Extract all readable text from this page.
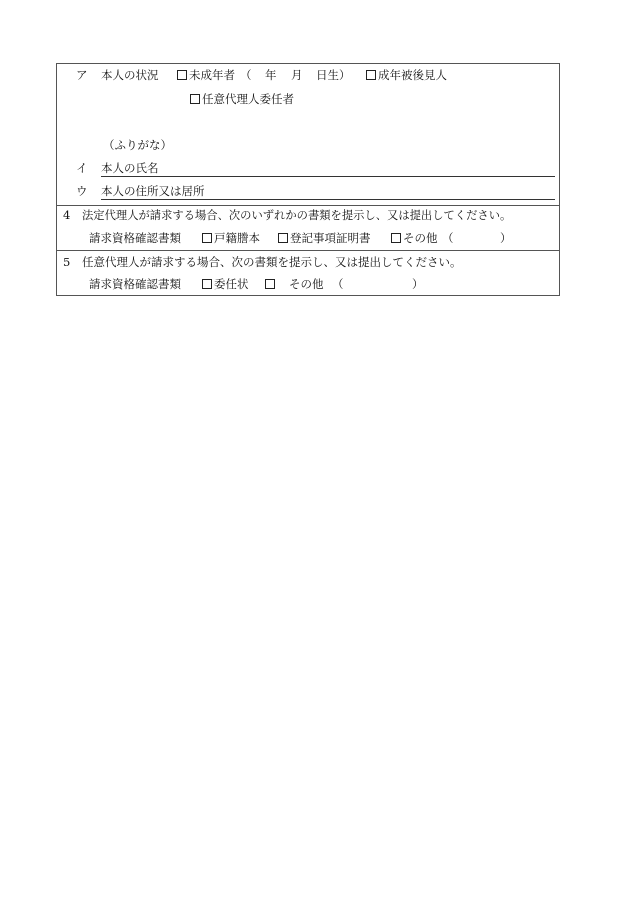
ア 本人の状況	未成年者 （ 年 月 日生）	成年被後見人
任意代理人委任者
（ふりがな）
イ 本人の氏名
ウ 本人の住所又は居所
4 法定代理人が請求する場合、次のいずれかの書類を提示し、又は提出してください。
請求資格確認書類	戸籍謄本	登記事項証明書	その他 （	）
5 任意代理人が請求する場合、次の書類を提示し、又は提出してください。
請求資格確認書類	委任状	その他 （	）
